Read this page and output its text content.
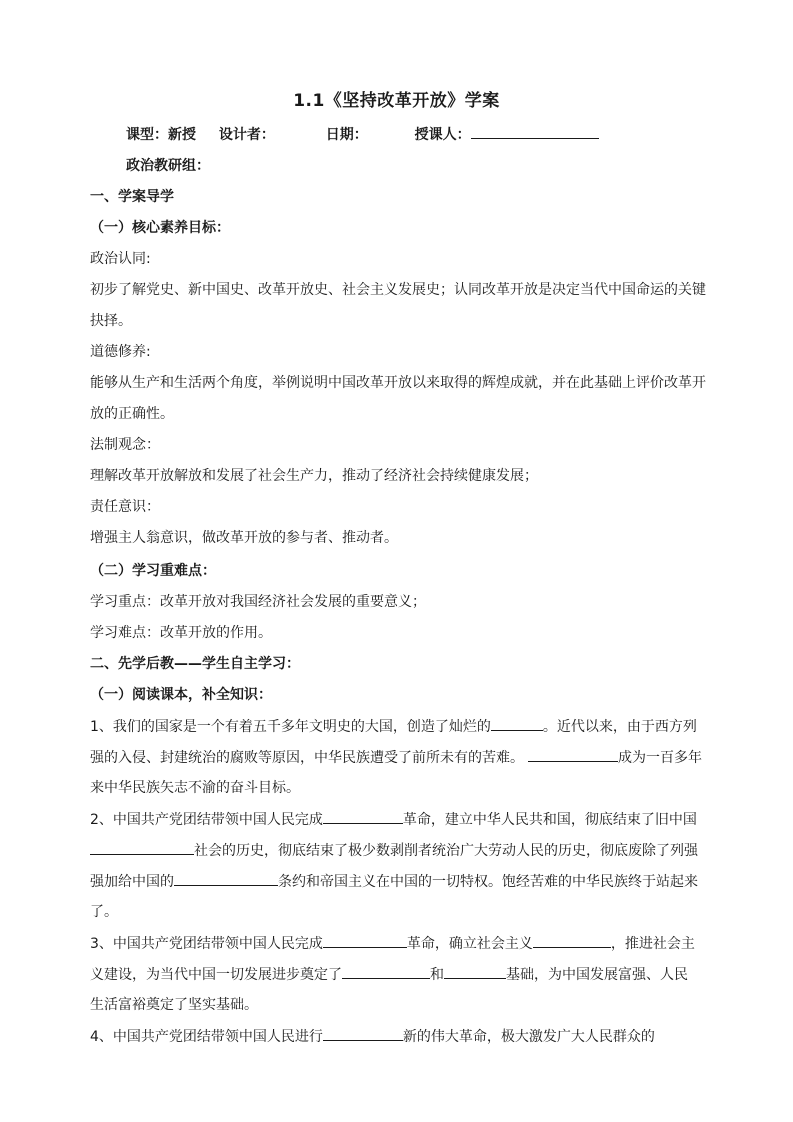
1.1《坚持改革开放》学案
课型：新授 设计者：	日期：	授课人：
政治教研组：
一、学案导学
（一）核心素养目标：
政治认同:
初步了解党史、新中国史、改革开放史、社会主义发展史；认同改革开放是决定当代中国命运的关键
抉择。
道德修养:
能够从生产和生活两个角度，举例说明中国改革开放以来取得的辉煌成就，并在此基础上评价改革开
放的正确性。
法制观念：
理解改革开放解放和发展了社会生产力，推动了经济社会持续健康发展；
责任意识：
增强主人翁意识，做改革开放的参与者、推动者。
（二）学习重难点：
学习重点：改革开放对我国经济社会发展的重要意义；
学习难点：改革开放的作用。
二、先学后教——学生自主学习：
（一）阅读课本，补全知识：
1、我们的国家是一个有着五千多年文明史的大国，创造了灿烂的	。近代以来，由于西方列
强的入侵、封建统治的腐败等原因，中华民族遭受了前所未有的苦难。	成为一百多年
来中华民族矢志不渝的奋斗目标。
2、中国共产党团结带领中国人民完成	革命，建立中华人民共和国，彻底结束了旧中国
社会的历史，彻底结束了极少数剥削者统治广大劳动人民的历史，彻底废除了列强
强加给中国的	条约和帝国主义在中国的一切特权。饱经苦难的中华民族终于站起来
了。
3、中国共产党团结带领中国人民完成	革命，确立社会主义	，推进社会主
义建设，为当代中国一切发展进步奠定了	和	基础，为中国发展富强、人民
生活富裕奠定了坚实基础。
4、中国共产党团结带领中国人民进行	新的伟大革命，极大激发广大人民群众的
